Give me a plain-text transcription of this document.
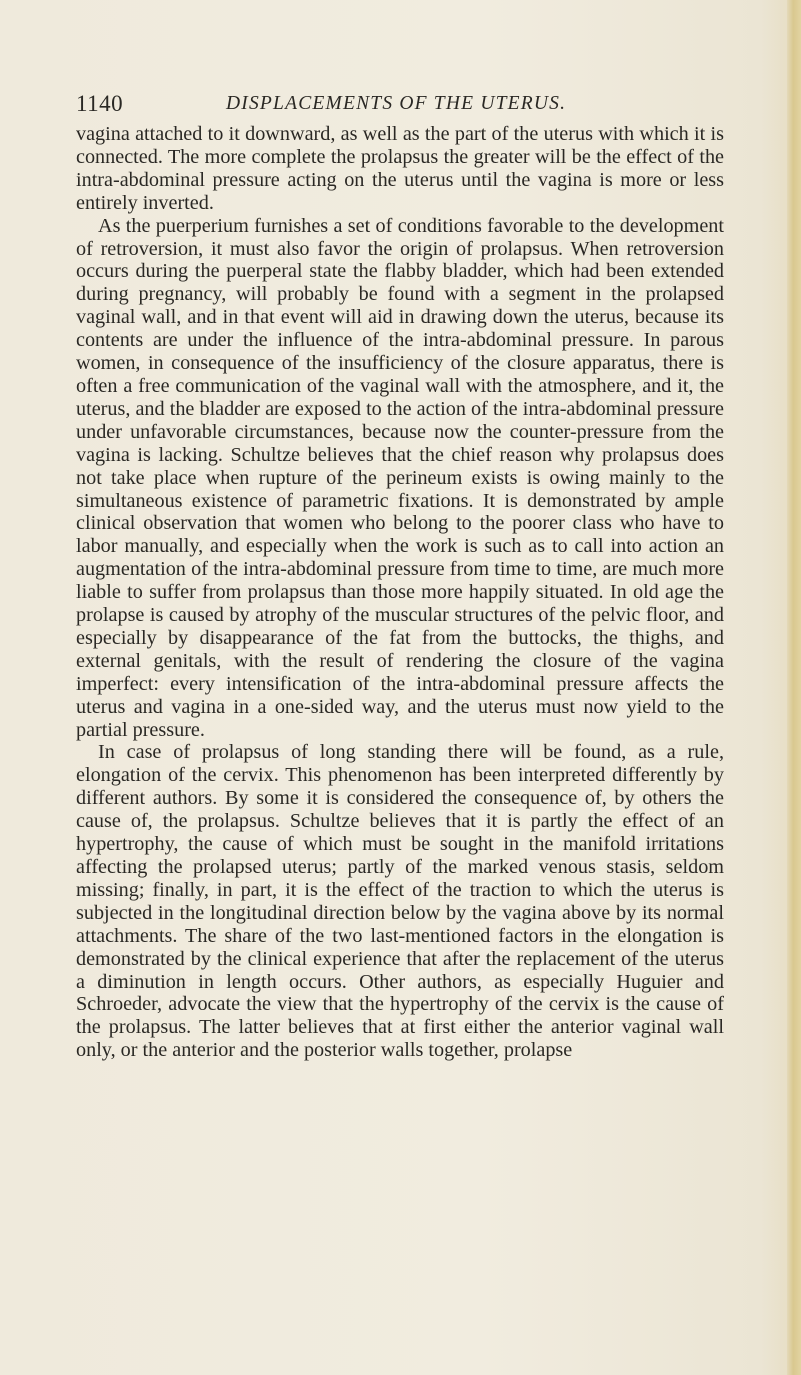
1140	DISPLACEMENTS OF THE UTERUS.

vagina attached to it downward, as well as the part of the uterus with which it is connected. The more complete the prolapsus the greater will be the effect of the intra-abdominal pressure acting on the uterus until the vagina is more or less entirely inverted.

As the puerperium furnishes a set of conditions favorable to the development of retroversion, it must also favor the origin of prolapsus. When retroversion occurs during the puerperal state the flabby bladder, which had been extended during pregnancy, will probably be found with a segment in the prolapsed vaginal wall, and in that event will aid in drawing down the uterus, because its contents are under the influence of the intra-abdominal pressure. In parous women, in consequence of the insufficiency of the closure apparatus, there is often a free communication of the vaginal wall with the atmosphere, and it, the uterus, and the bladder are exposed to the action of the intra-abdominal pressure under unfavorable circumstances, because now the counter-pressure from the vagina is lacking. Schultze believes that the chief reason why prolapsus does not take place when rupture of the perineum exists is owing mainly to the simultaneous existence of parametric fixations. It is demonstrated by ample clinical observation that women who belong to the poorer class who have to labor manually, and especially when the work is such as to call into action an augmentation of the intra-abdominal pressure from time to time, are much more liable to suffer from prolapsus than those more happily situated. In old age the prolapse is caused by atrophy of the muscular structures of the pelvic floor, and especially by disappearance of the fat from the buttocks, the thighs, and external genitals, with the result of rendering the closure of the vagina imperfect: every intensification of the intra-abdominal pressure affects the uterus and vagina in a one-sided way, and the uterus must now yield to the partial pressure.

In case of prolapsus of long standing there will be found, as a rule, elongation of the cervix. This phenomenon has been interpreted differently by different authors. By some it is considered the consequence of, by others the cause of, the prolapsus. Schultze believes that it is partly the effect of an hypertrophy, the cause of which must be sought in the manifold irritations affecting the prolapsed uterus; partly of the marked venous stasis, seldom missing; finally, in part, it is the effect of the traction to which the uterus is subjected in the longitudinal direction below by the vagina above by its normal attachments. The share of the two last-mentioned factors in the elongation is demonstrated by the clinical experience that after the replacement of the uterus a diminution in length occurs. Other authors, as especially Huguier and Schroeder, advocate the view that the hypertrophy of the cervix is the cause of the prolapsus. The latter believes that at first either the anterior vaginal wall only, or the anterior and the posterior walls together, prolapse
